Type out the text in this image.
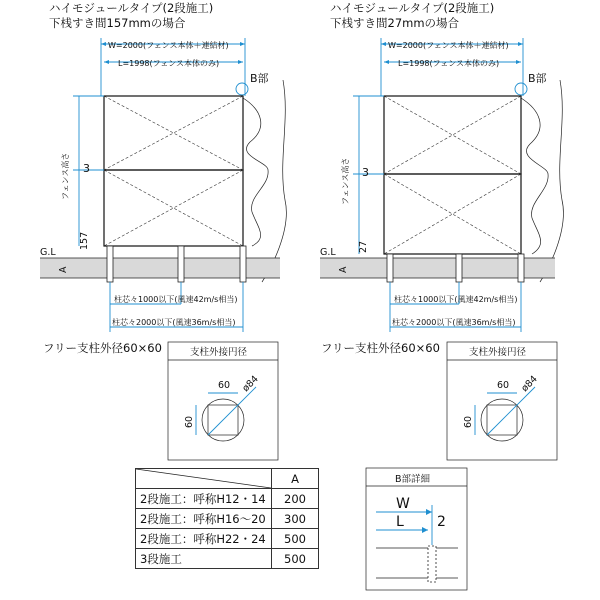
ハイモジュールタイプ(2段施工)
下桟すき間157mmの場合
W=2000(フェンス本体＋連結材)
L=1998(フェンス本体のみ)
B部
フェンス高さ 3
157
G.L
A
柱芯々1000以下(風速42m/s相当)
柱芯々2000以下(風速36m/s相当)
ハイモジュールタイプ(2段施工)
下桟すき間27mmの場合
W=2000(フェンス本体＋連結材)
L=1998(フェンス本体のみ)
B部
フェンス高さ 3
27
G.L
A
柱芯々1000以下(風速42m/s相当)
柱芯々2000以下(風速36m/s相当)
フリー支柱外径60×60	支柱外接円径
60
60
ø84
フリー支柱外径60×60	支柱外接円径
60
60
ø84
B部詳細
W
L 2
	A
2段施工：呼称H12・14	200
2段施工：呼称H16～20	300
2段施工：呼称H22・24	500
3段施工	500
